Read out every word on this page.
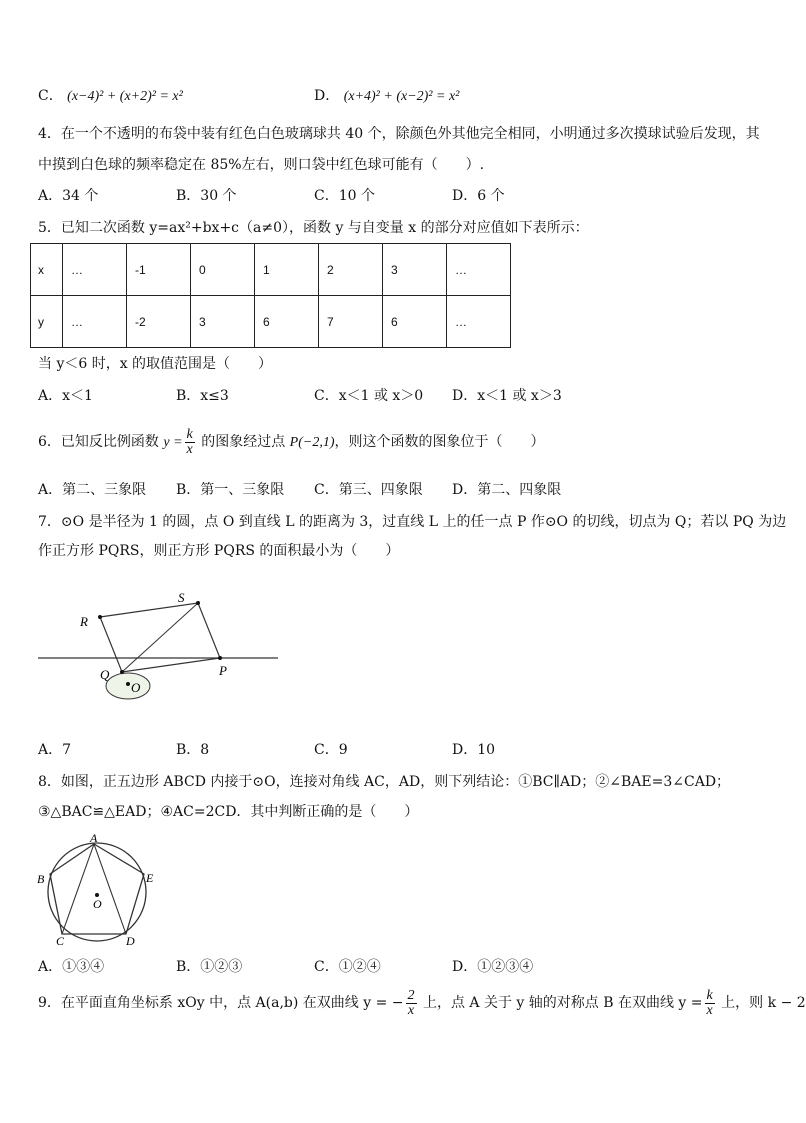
C． (x−4)² + (x+2)² = x²	D． (x+4)² + (x−2)² = x²
4．在一个不透明的布袋中装有红色白色玻璃球共 40 个，除颜色外其他完全相同，小明通过多次摸球试验后发现，其
中摸到白色球的频率稳定在 85%左右，则口袋中红色球可能有（　　）.
A．34 个	B．30 个	C．10 个	D．6 个
5．已知二次函数 y=ax²+bx+c（a≠0），函数 y 与自变量 x 的部分对应值如下表所示：
x	…	-1	0	1	2	3	…
y	…	-2	3	6	7	6	…
当 y＜6 时，x 的取值范围是（　　）
A．x＜1	B．x≤3	C．x＜1 或 x＞0 D．x＜1 或 x＞3
6．已知反比例函数 $y = \frac{k}{x}$ 的图象经过点 P(−2,1)，则这个函数的图象位于（　　）
A．第二、三象限 B．第一、三象限 C．第三、四象限 D．第二、四象限
7．⊙O 是半径为 1 的圆，点 O 到直线 L 的距离为 3，过直线 L 上的任一点 P 作⊙O 的切线，切点为 Q；若以 PQ 为边
作正方形 PQRS，则正方形 PQRS 的面积最小为（　　）
R
S
Q
O
P
A．7	B．8	C．9	D．10
8．如图，正五边形 ABCD 内接于⊙O，连接对角线 AC，AD，则下列结论：①BC∥AD；②∠BAE=3∠CAD；
③△BAC≌△EAD；④AC=2CD．其中判断正确的是（　　）
A
B
C	D
E
O
A．①③④	B．①②③	C．①②④	D．①②③④
9．在平面直角坐标系 xOy 中，点 A(a,b) 在双曲线 y = − $\frac{2}{x}$ 上，点 A 关于 y 轴的对称点 B 在双曲线 $y = \frac{k}{x}$ 上，则 k − 2
